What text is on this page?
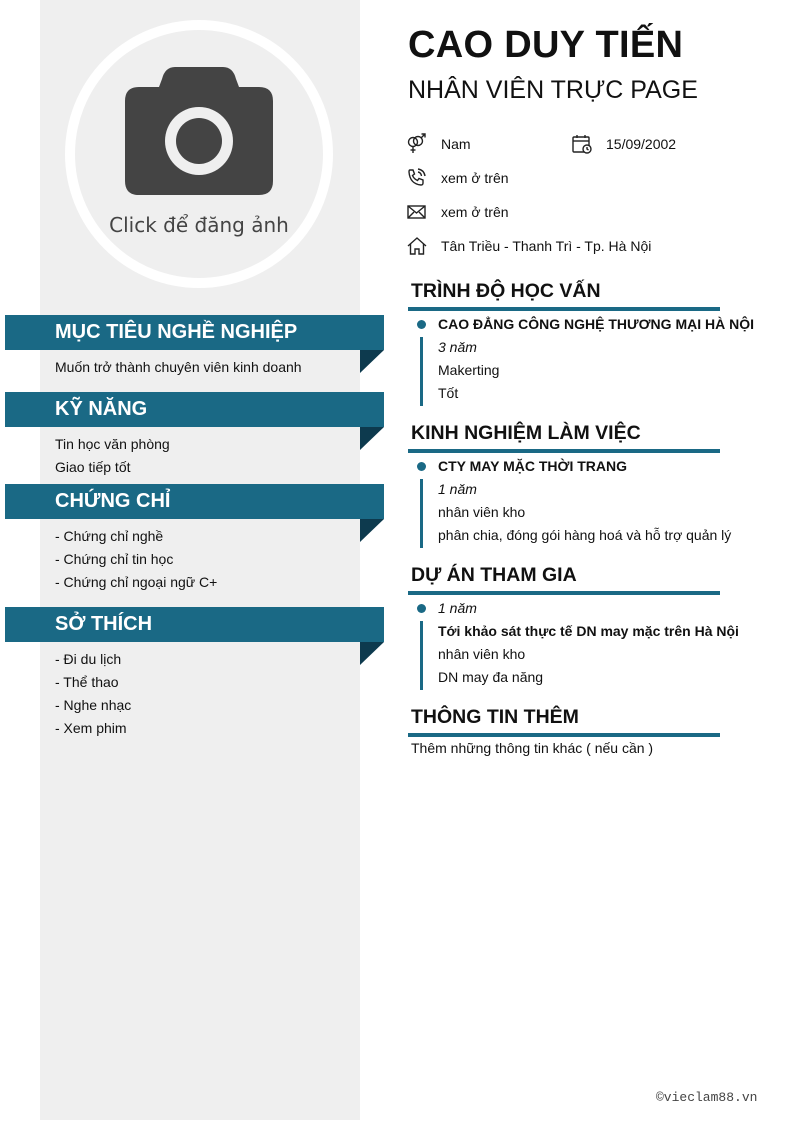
Click để đăng ảnh
MỤC TIÊU NGHỀ NGHIỆP
Muốn trở thành chuyên viên kinh doanh
KỸ NĂNG
Tin học văn phòng
Giao tiếp tốt
CHỨNG CHỈ
- Chứng chỉ nghề
- Chứng chỉ tin học
- Chứng chỉ ngoại ngữ C+
SỞ THÍCH
- Đi du lịch
- Thể thao
- Nghe nhạc
- Xem phim
CAO DUY TIẾN
NHÂN VIÊN TRỰC PAGE
Nam	15/09/2002
xem ở trên
xem ở trên
Tân Triều - Thanh Trì - Tp. Hà Nội
TRÌNH ĐỘ HỌC VẤN
CAO ĐẲNG CÔNG NGHỆ THƯƠNG MẠI HÀ NỘI
3 năm
Makerting
Tốt
KINH NGHIỆM LÀM VIỆC
CTY MAY MẶC THỜI TRANG
1 năm
nhân viên kho
phân chia, đóng gói hàng hoá và hỗ trợ quản lý
DỰ ÁN THAM GIA
1 năm
Tới khảo sát thực tế DN may mặc trên Hà Nội
nhân viên kho
DN may đa năng
THÔNG TIN THÊM
Thêm những thông tin khác ( nếu cần )
©vieclam88.vn
